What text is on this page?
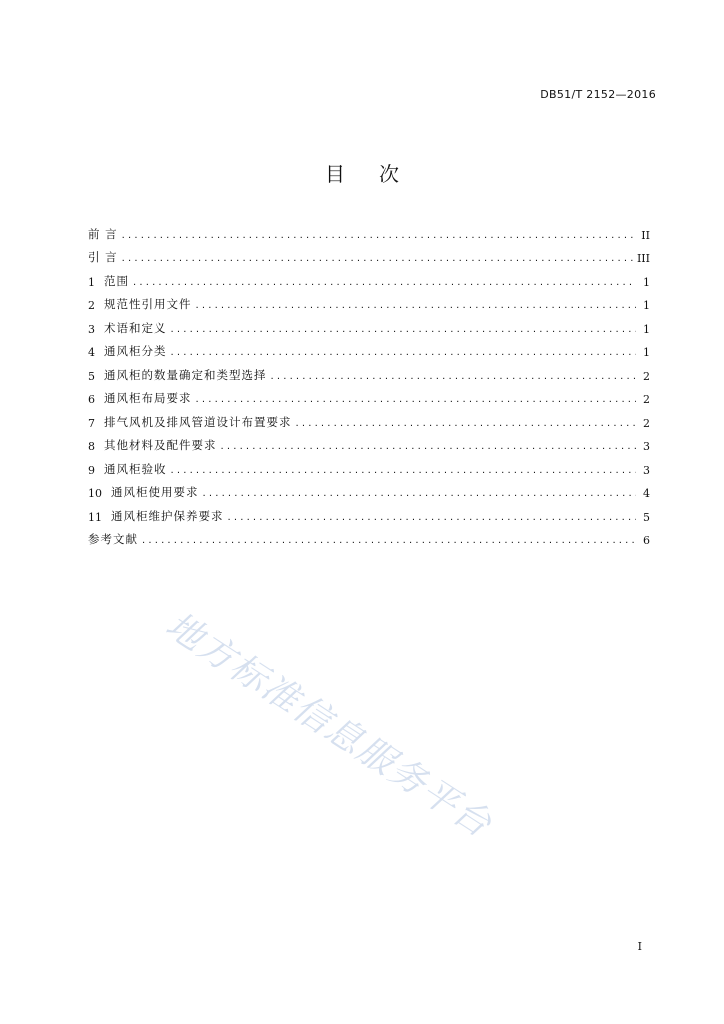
DB51/T 2152—2016
目次
前 言 . . .	II
引 言 . . .	III
1 范围 . . .	1
2 规范性引用文件 . . .	1
3 术语和定义 . . .	1
4 通风柜分类 . . .	1
5 通风柜的数量确定和类型选择 . . .	2
6 通风柜布局要求 . . .	2
7 排气风机及排风管道设计布置要求 . . .	2
8 其他材料及配件要求 . . .	3
9 通风柜验收 . . .	3
10 通风柜使用要求 . . .	4
11 通风柜维护保养要求 . . .	5
参考文献 . . .	6
地方标准信息服务平台
I
